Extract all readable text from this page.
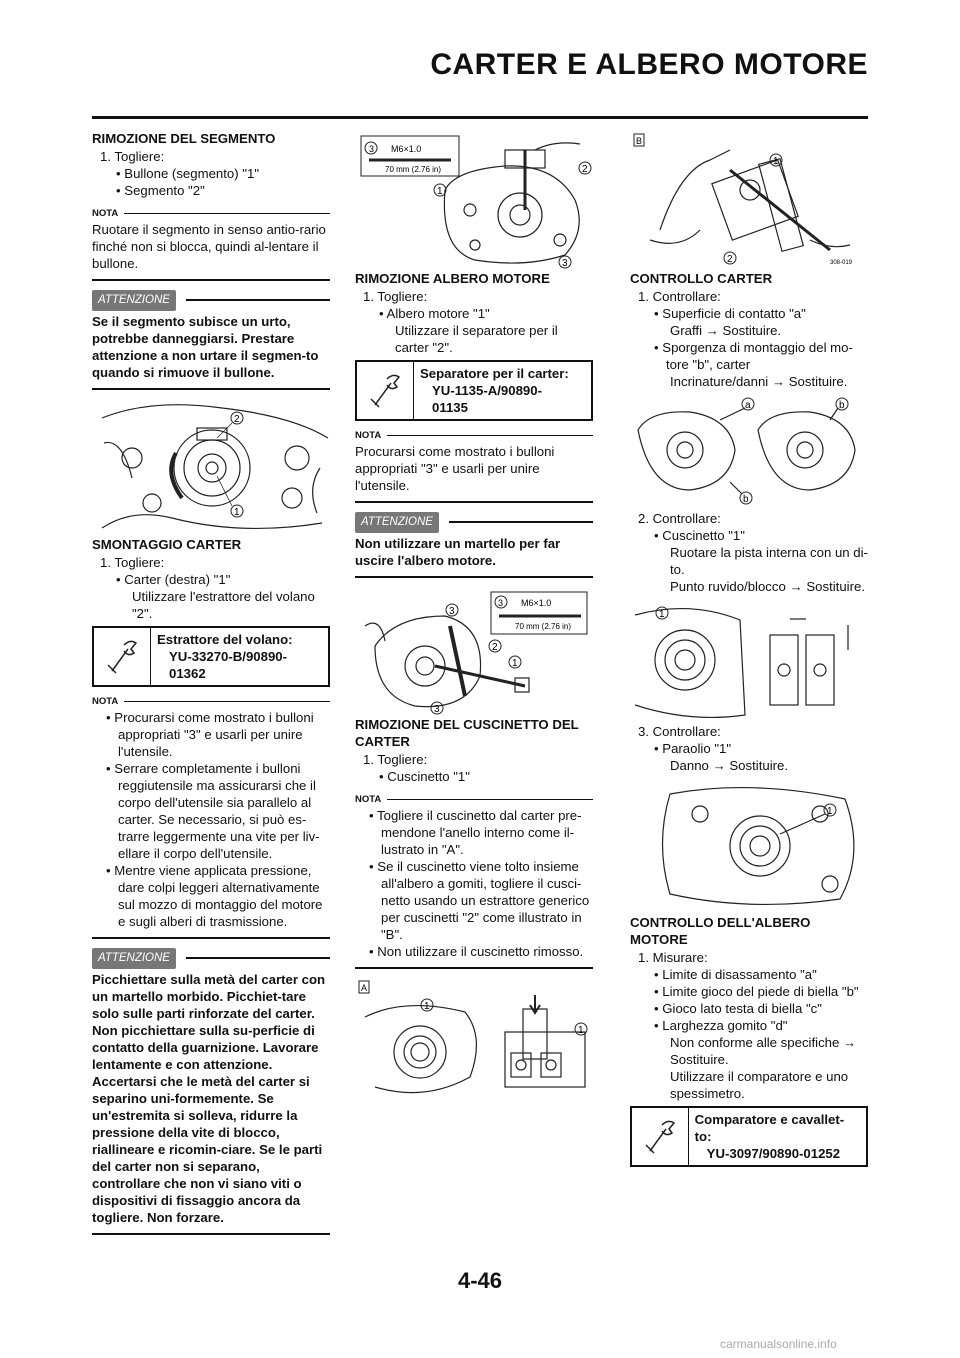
CARTER E ALBERO MOTORE
RIMOZIONE DEL SEGMENTO

1. Togliere:

• Bullone (segmento) "1"

• Segmento "2"

NOTA

Ruotare il segmento in senso antio-rario finché non si blocca, quindi al-lentare il bullone.

ATTENZIONE

Se il segmento subisce un urto, potrebbe danneggiarsi. Prestare attenzione a non urtare il segmen-to quando si rimuove il bullone.

2
1
SMONTAGGIO CARTER

1. Togliere:

• Carter (destra) "1"

Utilizzare l'estrattore del volano "2".

Estrattore del volano:
YU-33270-B/90890-
01362
NOTA

• Procurarsi come mostrato i bulloni appropriati "3" e usarli per unire l'utensile.

• Serrare completamente i bulloni reggiutensile ma assicurarsi che il corpo dell'utensile sia parallelo al carter. Se necessario, si può es-trarre leggermente una vite per liv-ellare il corpo dell'utensile.

• Mentre viene applicata pressione, dare colpi leggeri alternativamente sul mozzo di montaggio del motore e sugli alberi di trasmissione.

ATTENZIONE

Picchiettare sulla metà del carter con un martello morbido. Picchiet-tare solo sulle parti rinforzate del carter. Non picchiettare sulla su-perficie di contatto della guarnizione. Lavorare lentamente e con attenzione. Accertarsi che le metà del carter si separino uni-formemente. Se un'estremita si solleva, ridurre la pressione della vite di blocco, riallineare e ricomin-ciare. Se le parti del carter non si separano, controllare che non vi siano viti o dispositivi di fissaggio ancora da togliere. Non forzare.

3 M6×1.0
70 mm (2.76 in)	2
1
3
RIMOZIONE ALBERO MOTORE

1. Togliere:

• Albero motore "1"

Utilizzare il separatore per il carter "2".

Separatore per il carter:
YU-1135-A/90890-
01135
NOTA

Procurarsi come mostrato i bulloni appropriati "3" e usarli per unire l'utensile.

ATTENZIONE

Non utilizzare un martello per far uscire l'albero motore.

3 M6×1.0
70 mm (2.76 in)
3
2
1
3
RIMOZIONE DEL CUSCINETTO DEL CARTER

1. Togliere:

• Cuscinetto "1"

NOTA

• Togliere il cuscinetto dal carter pre-mendone l'anello interno come il-lustrato in "A".

• Se il cuscinetto viene tolto insieme all'albero a gomiti, togliere il cusci-netto usando un estrattore generico per cuscinetti "2" come illustrato in "B".

• Non utilizzare il cuscinetto rimosso.

A
1
1
B
1
2	308-019
CONTROLLO CARTER

1. Controllare:

• Superficie di contatto "a"

Graffi → Sostituire.

• Sporgenza di montaggio del mo-tore "b", carter

Incrinature/danni → Sostituire.

a	b
b

2. Controllare:

• Cuscinetto "1"

Ruotare la pista interna con un di-to.

Punto ruvido/blocco → Sostituire.

1

3. Controllare:

• Paraolio "1"

Danno → Sostituire.

1
CONTROLLO DELL'ALBERO MOTORE

1. Misurare:

• Limite di disassamento "a"

• Limite gioco del piede di biella "b"

• Gioco lato testa di biella "c"

• Larghezza gomito "d"

Non conforme alle specifiche → Sostituire.

Utilizzare il comparatore e uno spessimetro.

Comparatore e cavallet-to:
YU-3097/90890-01252
4-46
carmanualsonline.info
